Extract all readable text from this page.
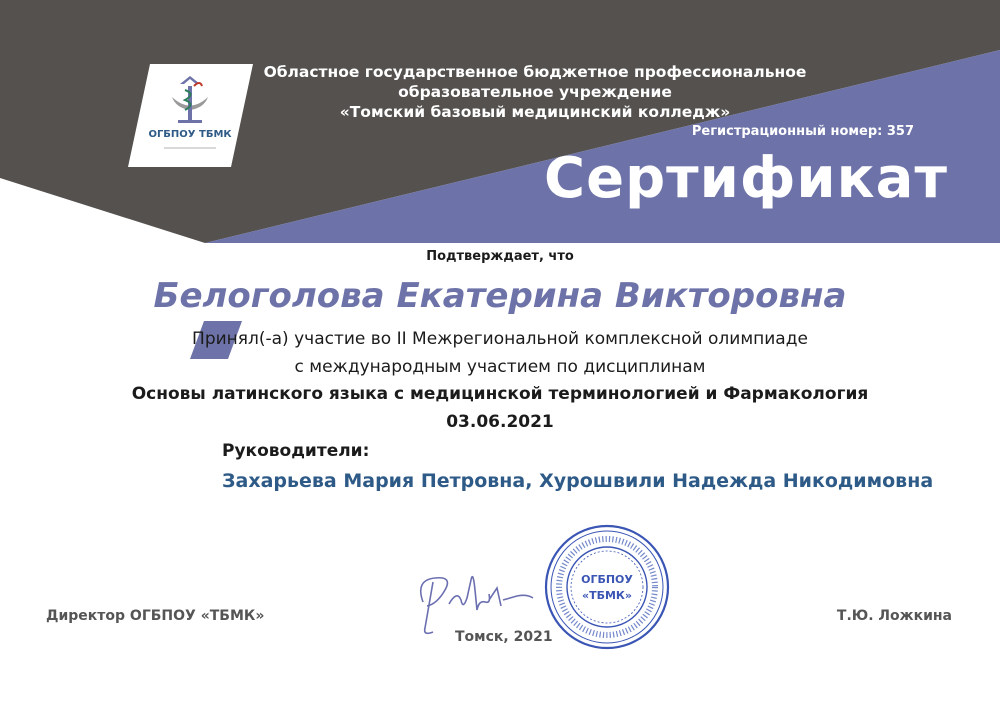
ОГБПОУ ТБМК
Областное государственное бюджетное профессиональное
образовательное учреждение
«Томский базовый медицинский колледж»
Регистрационный номер: 357
Сертификат
Подтверждает, что
Белоголова Екатерина Викторовна
Принял(-а) участие во II Межрегиональной комплексной олимпиаде
с международным участием по дисциплинам
Основы латинского языка с медицинской терминологией и Фармакология
03.06.2021
Руководители:
Захарьева Мария Петровна, Хурошвили Надежда Никодимовна
ОГБПОУ
«ТБМК»
Директор ОГБПОУ «ТБМК»	Т.Ю. Ложкина
Томск, 2021
